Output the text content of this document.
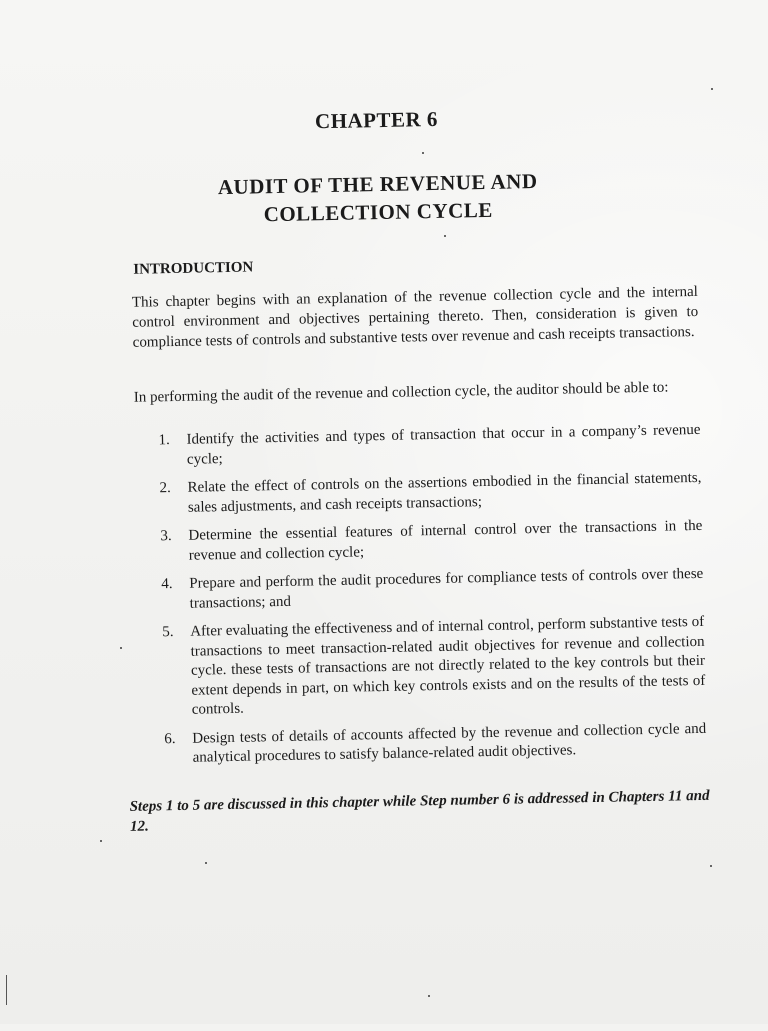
CHAPTER 6
AUDIT OF THE REVENUE AND
COLLECTION CYCLE
INTRODUCTION

This chapter begins with an explanation of the revenue collection cycle and the internal control environment and objectives pertaining thereto. Then, consideration is given to compliance tests of controls and substantive tests over revenue and cash receipts transactions.

In performing the audit of the revenue and collection cycle, the auditor should be able to:

1.	Identify the activities and types of transaction that occur in a company’s revenue cycle;
2.	Relate the effect of controls on the assertions embodied in the financial statements, sales adjustments, and cash receipts transactions;
3.	Determine the essential features of internal control over the transactions in the revenue and collection cycle;
4.	Prepare and perform the audit procedures for compliance tests of controls over these transactions; and
5.	After evaluating the effectiveness and of internal control, perform substantive tests of transactions to meet transaction-related audit objectives for revenue and collection cycle. these tests of transactions are not directly related to the key controls but their extent depends in part, on which key controls exists and on the results of the tests of controls.
6.	Design tests of details of accounts affected by the revenue and collection cycle and analytical procedures to satisfy balance-related audit objectives.

Steps 1 to 5 are discussed in this chapter while Step number 6 is addressed in Chapters 11 and 12.
